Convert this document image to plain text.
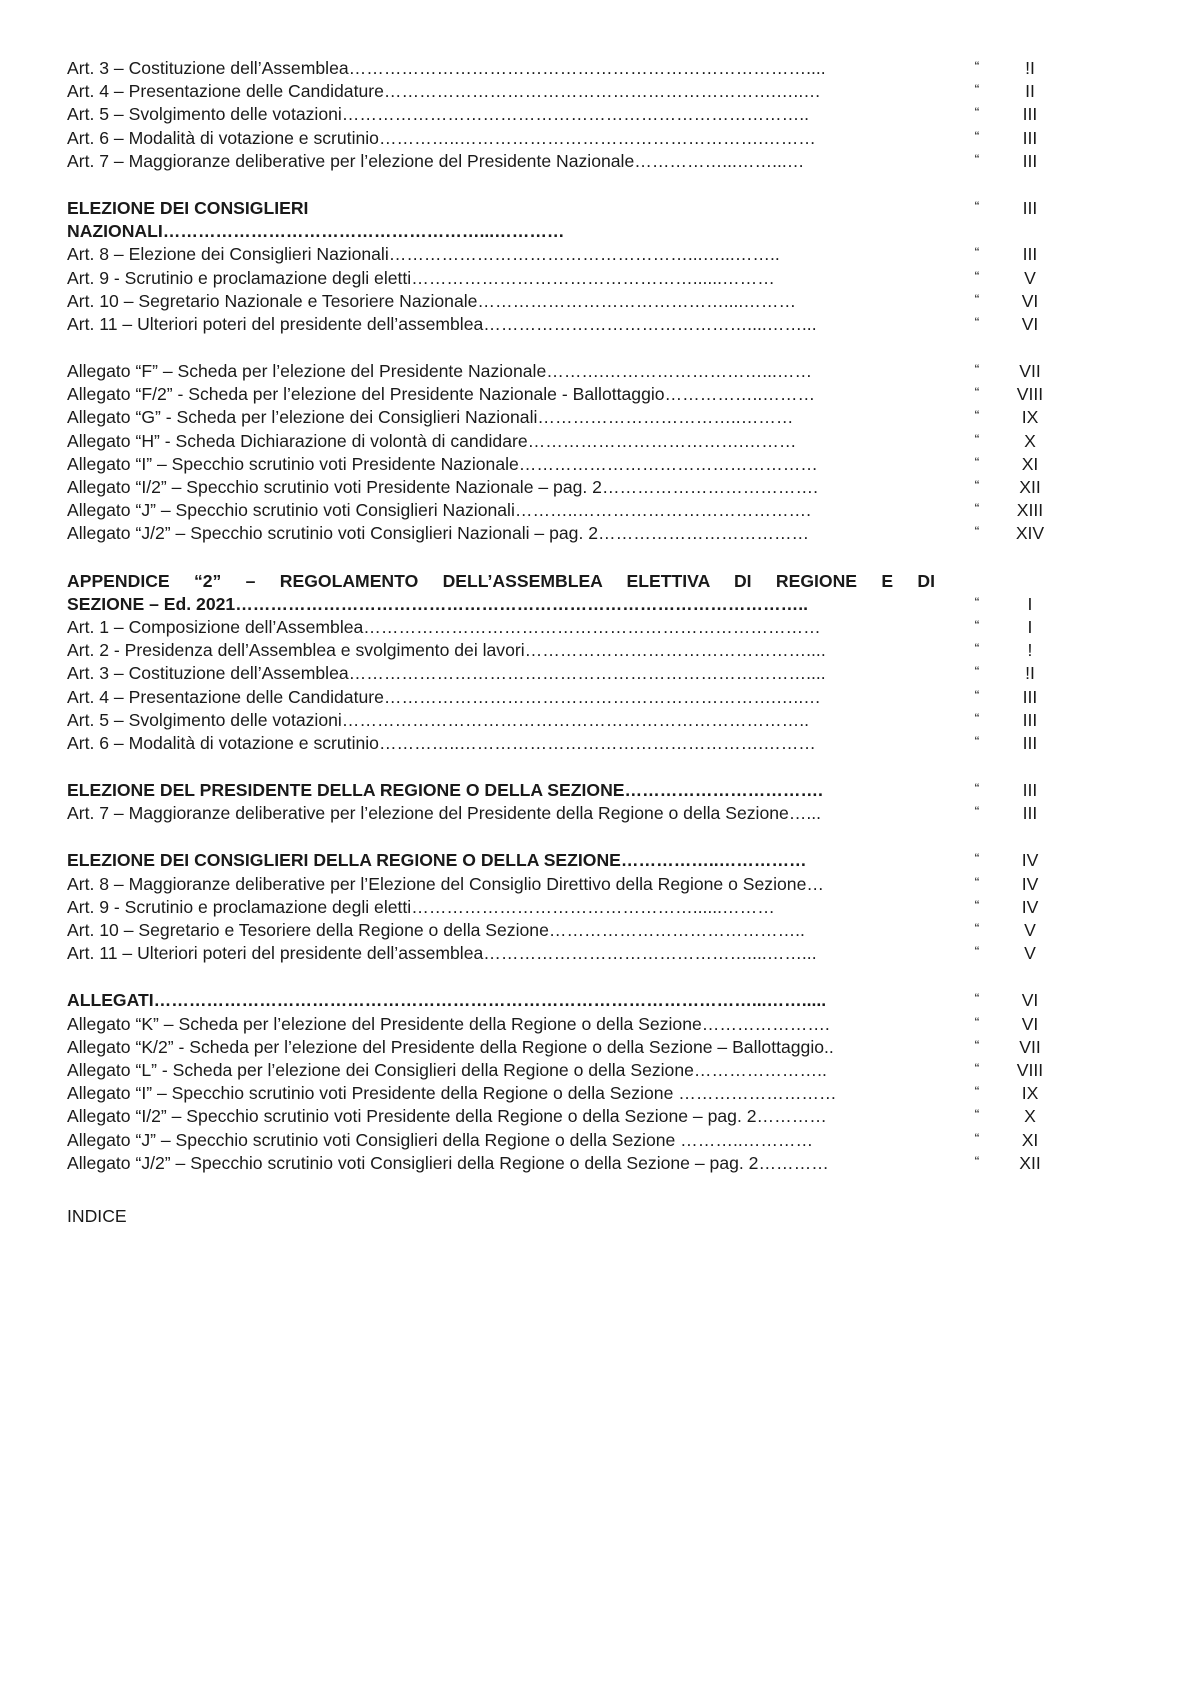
Art. 3 – Costituzione dell’Assemblea……………………………………………………………………....	“	!I
Art. 4 – Presentazione delle Candidature………………………………………………………….…..…	“	II
Art. 5 – Svolgimento delle votazioni……………………………………………………………………..	“	III
Art. 6 – Modalità di votazione e scrutinio…………..…………………………………………….………	“	III
Art. 7 – Maggioranze deliberative per l’elezione del Presidente Nazionale……………...……...…	“	III
ELEZIONE DEI CONSIGLIERI	“	III
NAZIONALI………………………………………………...…………
Art. 8 – Elezione dei Consiglieri Nazionali……………………………………………...…...……..	“	III
Art. 9 - Scrutinio e proclamazione degli eletti…………………………………………......………	“	V
Art. 10 – Segretario Nazionale e Tesoriere Nazionale……………………………………....………	“	VI
Art. 11 – Ulteriori poteri del presidente dell’assemblea………………………………………....……...	“	VI
Allegato “F” – Scheda per l’elezione del Presidente Nazionale……….………………………...……	“	VII
Allegato “F/2” - Scheda per l’elezione del Presidente Nazionale - Ballottaggio……………..………	“	VIII
Allegato “G” - Scheda per l’elezione dei Consiglieri Nazionali……………………………..………	“	IX
Allegato “H” - Scheda Dichiarazione di volontà di candidare……………………………….………	“	X
Allegato “I” – Specchio scrutinio voti Presidente Nazionale……………………………………………	“	XI
Allegato “I/2” – Specchio scrutinio voti Presidente Nazionale – pag. 2……………………………….	“	XII
Allegato “J” – Specchio scrutinio voti Consiglieri Nazionali………..………………………………….	“	XIII
Allegato “J/2” – Specchio scrutinio voti Consiglieri Nazionali – pag. 2………………………………	“	XIV
APPENDICE “2” – REGOLAMENTO DELL’ASSEMBLEA ELETTIVA DI REGIONE E DI
SEZIONE – Ed. 2021……………………………………………………………………………………..	“	I
Art. 1 – Composizione dell’Assemblea……………………………………………………………………	“	I
Art. 2 - Presidenza dell’Assemblea e svolgimento dei lavori…………………………………………....	“	!
Art. 3 – Costituzione dell’Assemblea……………………………………………………………………....	“	!I
Art. 4 – Presentazione delle Candidature………………………………………………………….…..…	“	III
Art. 5 – Svolgimento delle votazioni……………………………………………………………………..	“	III
Art. 6 – Modalità di votazione e scrutinio…………..…………………………………………….………	“	III
ELEZIONE DEL PRESIDENTE DELLA REGIONE O DELLA SEZIONE…………………………….	“	III
Art. 7 – Maggioranze deliberative per l’elezione del Presidente della Regione o della Sezione…...	“	III
ELEZIONE DEI CONSIGLIERI DELLA REGIONE O DELLA SEZIONE……………..……………	“	IV
Art. 8 – Maggioranze deliberative per l’Elezione del Consiglio Direttivo della Regione o Sezione…	“	IV
Art. 9 - Scrutinio e proclamazione degli eletti…………………………………………......………	“	IV
Art. 10 – Segretario e Tesoriere della Regione o della Sezione……………………………………..	“	V
Art. 11 – Ulteriori poteri del presidente dell’assemblea………………………………………....……...	“	V
ALLEGATI…………………………………………………………………………………………...…….....	“	VI
Allegato “K” – Scheda per l’elezione del Presidente della Regione o della Sezione………………….	“	VI
Allegato “K/2” - Scheda per l’elezione del Presidente della Regione o della Sezione – Ballottaggio..	“	VII
Allegato “L” - Scheda per l’elezione dei Consiglieri della Regione o della Sezione…………………..	“	VIII
Allegato “I” – Specchio scrutinio voti Presidente della Regione o della Sezione ………………………	“	IX
Allegato “I/2” – Specchio scrutinio voti Presidente della Regione o della Sezione – pag. 2…………	“	X
Allegato “J” – Specchio scrutinio voti Consiglieri della Regione o della Sezione ………..…………	“	XI
Allegato “J/2” – Specchio scrutinio voti Consiglieri della Regione o della Sezione – pag. 2…………	“	XII
INDICE
